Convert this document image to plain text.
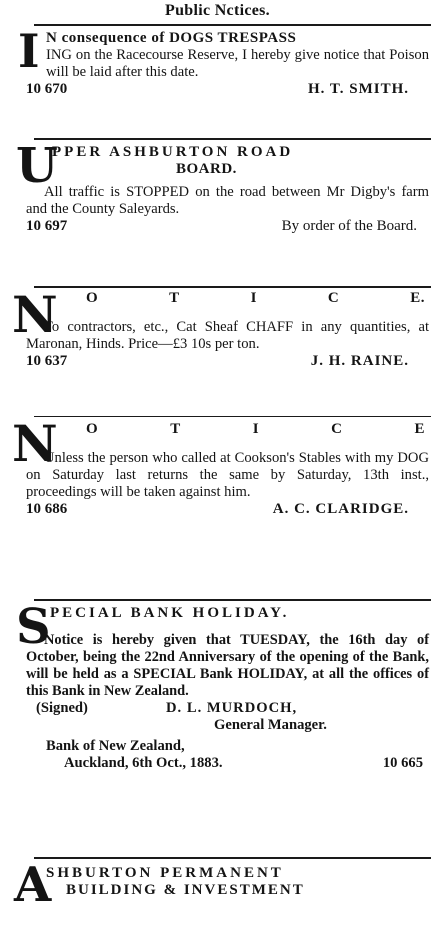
Public Nctices.
I N consequence of DOGS TRESPASS
ING on the Racecourse Reserve, I hereby give notice that Poison will be laid after this date.
10 670	H. T. SMITH.
U
PPER ASHBURTON ROAD
BOARD.
All traffic is STOPPED on the road between Mr Digby's farm and the County Saleyards.
10 697	By order of the Board.
N O	T	I	C	E.
To contractors, etc., Cat Sheaf CHAFF in any quantities, at Maronan, Hinds. Price—£3 10s per ton.
10 637	J. H. RAINE.
N O	T	I	C	E
Unless the person who called at Cookson's Stables with my DOG on Saturday last returns the same by Saturday, 13th inst., proceedings will be taken against him.
10 686	A. C. CLARIDGE.
S PECIAL BANK HOLIDAY.
Notice is hereby given that TUESDAY, the 16th day of October, being the 22nd Anniversary of the opening of the Bank, will be held as a SPECIAL Bank HOLIDAY, at all the offices of this Bank in New Zealand.
(Signed)	D. L. MURDOCH,
General Manager.
Bank of New Zealand,
Auckland, 6th Oct., 1883.	10 665
A
SHBURTON PERMANENT
BUILDING & INVESTMENT
